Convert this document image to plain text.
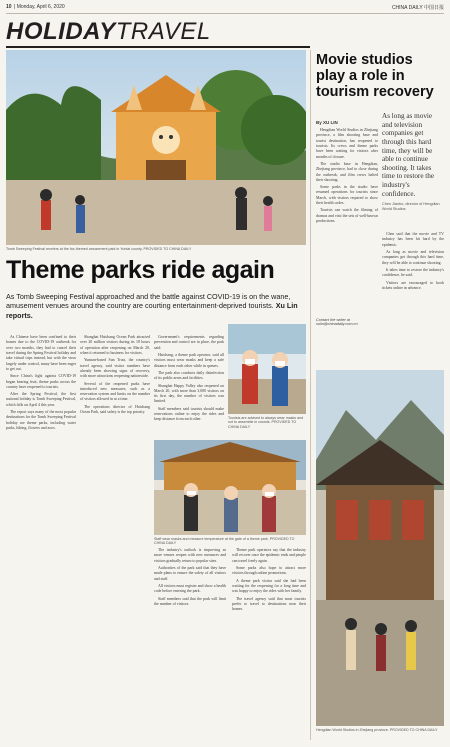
10 | Monday, April 6, 2020	CHINA DAILY 中国日报
HOLIDAYTRAVEL
Tomb Sweeping Festival revelers at the fox-themed amusement park in Yuntai county. PROVIDED TO CHINA DAILY
Theme parks ride again
As Tomb Sweeping Festival approached and the battle against COVID-19 is on the wane, amusement venues around the country are courting entertainment-deprived tourists. Xu Lin reports.

As Chinese have been confined to their homes due to the COVID-19 outbreak for over two months, they had to cancel their travel during the Spring Festival holiday and take virtual trips instead, but with the virus largely under control, many have been eager to get out.

Since China's fight against COVID-19 began bearing fruit, theme parks across the country have reopened to tourists.

After the Spring Festival, the first national holiday is Tomb Sweeping Festival, which falls on April 4 this year.

The report says many of the most popular destinations for the Tomb Sweeping Festival holiday are theme parks, including water parks, hiking, flowers and zoos.

Shanghai Haichang Ocean Park attracted over 20 million visitors during its 18 hours of operation after reopening on March 20, when it returned to business for visitors.

Yunnan-based Sun Trust, the country's travel agency, said visitor numbers have already been showing signs of recovery, with more attractions reopening nationwide.

Several of the reopened parks have introduced new measures, such as a reservation system and limits on the number of visitors allowed in at a time.

The operations director of Haichang Ocean Park, said safety is the top priority.

Government's requirements regarding prevention and control are in place, the park said.

Haichang, a theme park operator, said all visitors must wear masks and keep a safe distance from each other while in queues.

The park also conducts daily disinfection of its public areas and facilities.

Shanghai Happy Valley also reopened on March 20, with more than 3,000 visitors on its first day, the number of visitors was limited.

Staff members said tourists should make reservations online to enjoy the rides and keep distance from each other.	Tourists are advised to always wear masks and not to assemble in crowds. PROVIDED TO CHINA DAILY
Staff wear masks and measure temperature at the gate of a theme park. PROVIDED TO CHINA DAILY

The industry's outlook is improving as more venues reopen with new measures and visitors gradually return to popular sites.

Authorities of the park said that they have made plans to ensure the safety of all visitors and staff.

All visitors must register and show a health code before entering the park.

Staff members said that the park will limit the number of visitors.

Theme park operators say that the industry will recover once the epidemic ends and people can travel freely again.

Some parks also hope to attract more visitors through online promotions.

A theme park visitor said she had been waiting for the reopening for a long time and was happy to enjoy the rides with her family.

The travel agency said that most tourists prefer to travel to destinations near their homes.

Movie studios play a role in tourism recovery
By XU LIN

Hengdian World Studios in Zhejiang province, a film shooting base and tourist destination, has reopened to tourists. Its crews and theme parks have been waiting for visitors after months of closure.

The studio base in Hengdian, Zhejiang province, had to close during the outbreak, and film crews halted their shooting.

Some parks in the studio have resumed operations for tourists since March, with visitors required to show their health codes.

Tourists can watch the filming of dramas and visit the sets of well-known productions.

As long as movie and television companies get through this hard time, they will be able to continue shooting. It takes time to restore the industry's confidence.
Chen Jianbo, director of Hengdian World Studios

Chen said that the movie and TV industry has been hit hard by the epidemic.

As long as movie and television companies get through this hard time, they will be able to continue shooting.

It takes time to restore the industry's confidence, he said.

Visitors are encouraged to book tickets online in advance.

Contact the writer at xulin@chinadaily.com.cn
Hengdian World Studios in Zhejiang province. PROVIDED TO CHINA DAILY
